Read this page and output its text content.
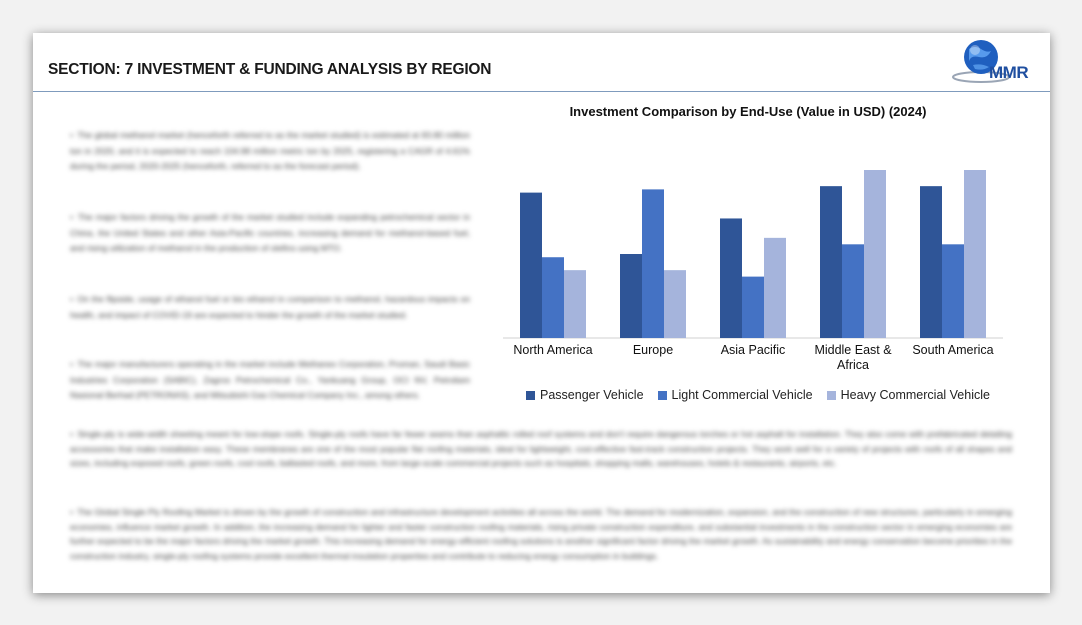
SECTION: 7 INVESTMENT & FUNDING ANALYSIS BY REGION	MMR
▪ The global methanol market (henceforth referred to as the market studied) is estimated at 83.80 million ton in 2020, and it is expected to reach 104.98 million metric ton by 2025, registering a CAGR of 4.61% during the period, 2020-2025 (henceforth, referred to as the forecast period).
▪ The major factors driving the growth of the market studied include expanding petrochemical sector in China, the United States and other Asia-Pacific countries, increasing demand for methanol-based fuel, and rising utilization of methanol in the production of olefins using MTO.
▪ On the flipside, usage of ethanol fuel or bio ethanol in comparison to methanol, hazardous impacts on health, and impact of COVID-19 are expected to hinder the growth of the market studied.
▪ The major manufacturers operating in the market include Methanex Corporation, Proman, Saudi Basic Industries Corporation (SABIC), Zagros Petrochemical Co., Yankuang Group, OCI NV, Petroliam Nasional Berhad (PETRONAS), and Mitsubishi Gas Chemical Company Inc., among others.
▪ Single-ply is wide-width sheeting meant for low-slope roofs. Single-ply roofs have far fewer seams than asphaltic rolled roof systems and don't require dangerous torches or hot asphalt for installation. They also come with prefabricated detailing accessories that make installation easy. These membranes are one of the most popular flat roofing materials, ideal for lightweight, cost-effective fast-track construction projects. They work well for a variety of projects with roofs of all shapes and sizes, including exposed roofs, green roofs, cool roofs, ballasted roofs, and more, from large-scale commercial projects such as hospitals, shopping malls, warehouses, hotels & restaurants, airports, etc.
▪ The Global Single Ply Roofing Market is driven by the growth of construction and infrastructure development activities all across the world. The demand for modernization, expansion, and the construction of new structures, particularly in emerging economies, influence market growth. In addition, the increasing demand for lighter and faster construction roofing materials, rising private construction expenditure, and substantial investments in the construction sector in emerging economies are further expected to be the major factors driving the market growth. This increasing demand for energy-efficient roofing solutions is another significant factor driving the market growth. As sustainability and energy conservation become priorities in the construction industry, single-ply roofing systems provide excellent thermal insulation properties and contribute to reducing energy consumption in buildings.
Investment Comparison by End-Use (Value in USD) (2024)
North America	Europe	Asia Pacific Middle East &
Africa
South America
Passenger Vehicle Light Commercial Vehicle Heavy Commercial Vehicle
